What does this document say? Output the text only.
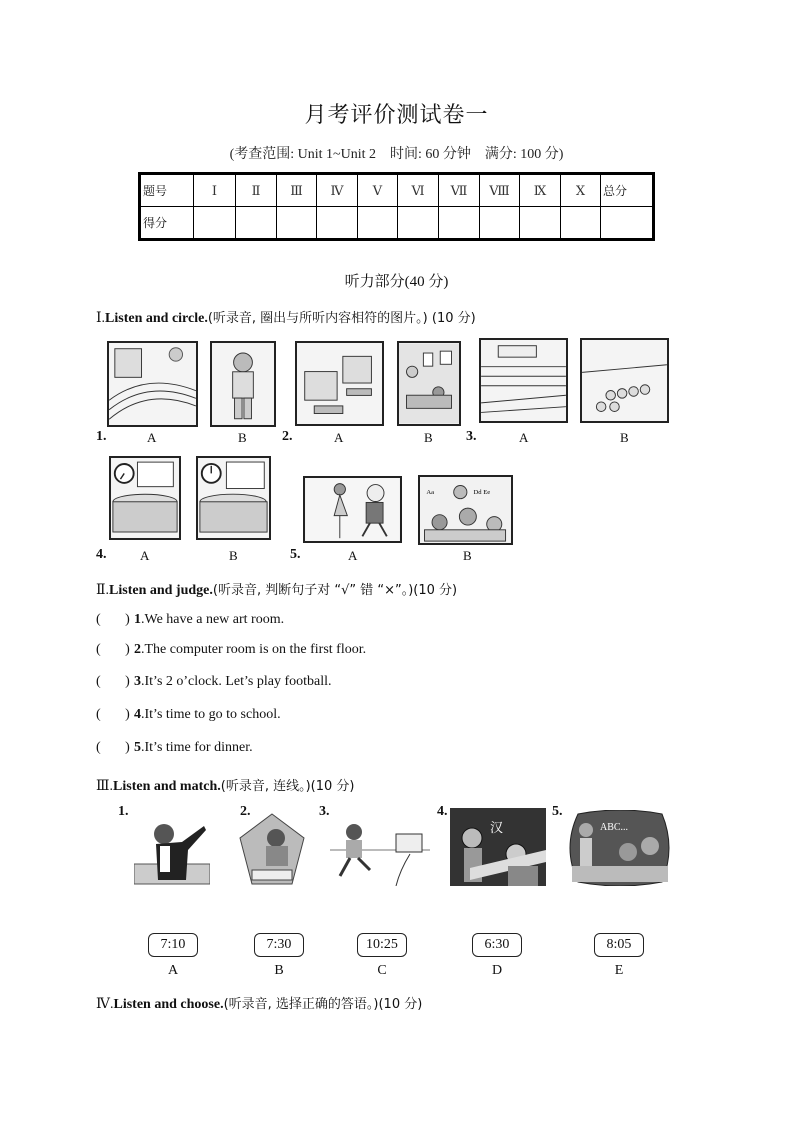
月考评价测试卷一
(考查范围: Unit 1~Unit 2　时间: 60 分钟　满分: 100 分)
题号	Ⅰ	Ⅱ	Ⅲ	Ⅳ	Ⅴ	Ⅵ	Ⅶ	Ⅷ	Ⅸ	Ⅹ	总分
得分											
听力部分(40 分)
Ⅰ.Listen and circle.(听录音, 圈出与所听内容相符的图片。) (10 分)
1.	A	B	2.	A	B 3.	A	B
Aa	Dd Ee
4.	A	B	5.	A	B
Ⅱ.Listen and judge.(听录音, 判断句子对 “√” 错 “×”。)(10 分)
(       ) 1.We have a new art room.
(       ) 2.The computer room is on the first floor.
(       ) 3.It’s 2 o’clock. Let’s play football.
(       ) 4.It’s time to go to school.
(       ) 5.It’s time for dinner.
Ⅲ.Listen and match.(听录音, 连线。)(10 分)
1.	2.	3.	4.
汉
5.
ABC...
7:10
A
7:30
B
10:25
C
6:30
D
8:05
E
Ⅳ.Listen and choose.(听录音, 选择正确的答语。)(10 分)
